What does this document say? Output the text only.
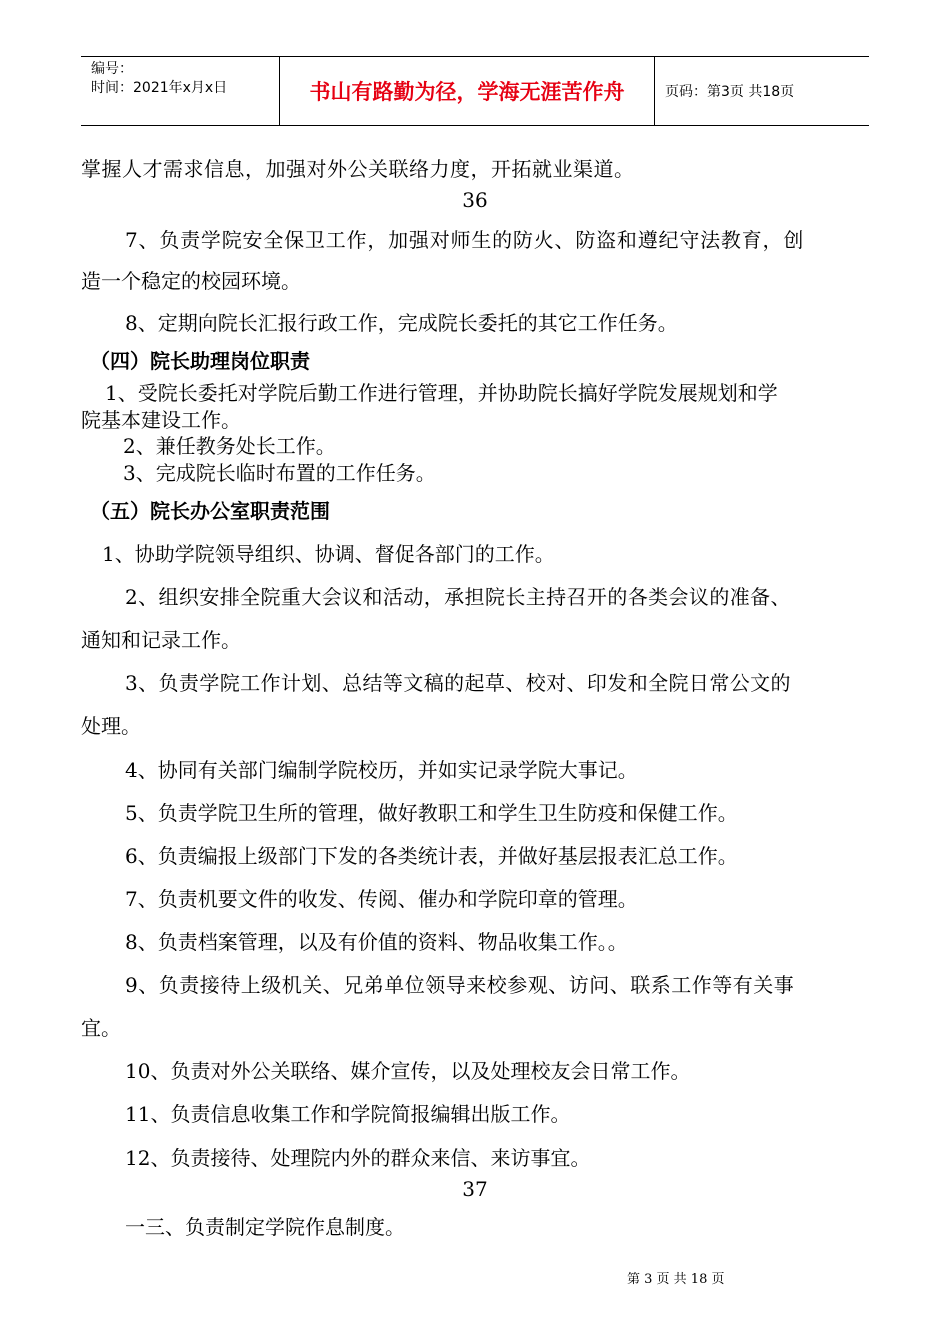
编号：
时间：2021年x月x日	书山有路勤为径，学海无涯苦作舟	页码：第3页 共18页
掌握人才需求信息，加强对外公关联络力度，开拓就业渠道。
36
7、负责学院安全保卫工作，加强对师生的防火、防盗和遵纪守法教育，创
造一个稳定的校园环境。
8、定期向院长汇报行政工作，完成院长委托的其它工作任务。
（四）院长助理岗位职责
1、受院长委托对学院后勤工作进行管理，并协助院长搞好学院发展规划和学
院基本建设工作。
2、兼任教务处长工作。
3、完成院长临时布置的工作任务。
（五）院长办公室职责范围
1、协助学院领导组织、协调、督促各部门的工作。
2、组织安排全院重大会议和活动，承担院长主持召开的各类会议的准备、
通知和记录工作。
3、负责学院工作计划、总结等文稿的起草、校对、印发和全院日常公文的
处理。
4、协同有关部门编制学院校历，并如实记录学院大事记。
5、负责学院卫生所的管理，做好教职工和学生卫生防疫和保健工作。
6、负责编报上级部门下发的各类统计表，并做好基层报表汇总工作。
7、负责机要文件的收发、传阅、催办和学院印章的管理。
8、负责档案管理，以及有价值的资料、物品收集工作。。
9、负责接待上级机关、兄弟单位领导来校参观、访问、联系工作等有关事
宜。
10、负责对外公关联络、媒介宣传，以及处理校友会日常工作。
11、负责信息收集工作和学院简报编辑出版工作。
12、负责接待、处理院内外的群众来信、来访事宜。
37
一三、负责制定学院作息制度。
第 3 页 共 18 页
